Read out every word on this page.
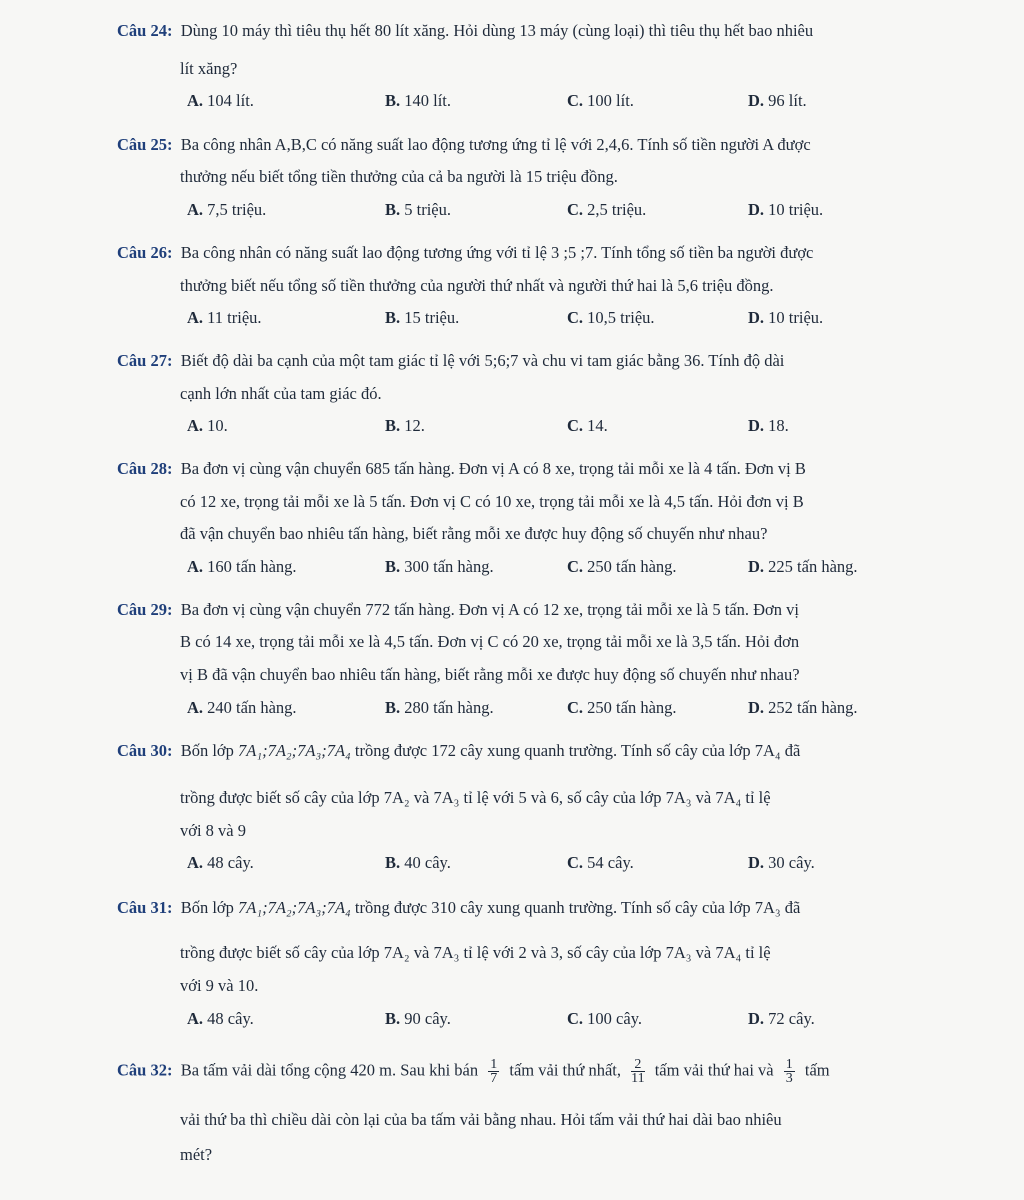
Câu 24: Dùng 10 máy thì tiêu thụ hết 80 lít xăng. Hỏi dùng 13 máy (cùng loại) thì tiêu thụ hết bao nhiêu
lít xăng?
A. 104 lít.	B. 140 lít.	C. 100 lít.	D. 96 lít.
Câu 25: Ba công nhân A,B,C có năng suất lao động tương ứng tỉ lệ với 2,4,6. Tính số tiền người A được
thưởng nếu biết tổng tiền thưởng của cả ba người là 15 triệu đồng.
A. 7,5 triệu.	B. 5 triệu.	C. 2,5 triệu.	D. 10 triệu.
Câu 26: Ba công nhân có năng suất lao động tương ứng với tỉ lệ 3 ;5 ;7. Tính tổng số tiền ba người được
thưởng biết nếu tổng số tiền thưởng của người thứ nhất và người thứ hai là 5,6 triệu đồng.
A. 11 triệu.	B. 15 triệu.	C. 10,5 triệu.	D. 10 triệu.
Câu 27: Biết độ dài ba cạnh của một tam giác tỉ lệ với 5;6;7 và chu vi tam giác bằng 36. Tính độ dài
cạnh lớn nhất của tam giác đó.
A. 10.	B. 12.	C. 14.	D. 18.
Câu 28: Ba đơn vị cùng vận chuyển 685 tấn hàng. Đơn vị A có 8 xe, trọng tải mỗi xe là 4 tấn. Đơn vị B
có 12 xe, trọng tải mỗi xe là 5 tấn. Đơn vị C có 10 xe, trọng tải mỗi xe là 4,5 tấn. Hỏi đơn vị B
đã vận chuyển bao nhiêu tấn hàng, biết rằng mỗi xe được huy động số chuyến như nhau?
A. 160 tấn hàng.	B. 300 tấn hàng.	C. 250 tấn hàng.	D. 225 tấn hàng.
Câu 29: Ba đơn vị cùng vận chuyển 772 tấn hàng. Đơn vị A có 12 xe, trọng tải mỗi xe là 5 tấn. Đơn vị
B có 14 xe, trọng tải mỗi xe là 4,5 tấn. Đơn vị C có 20 xe, trọng tải mỗi xe là 3,5 tấn. Hỏi đơn
vị B đã vận chuyển bao nhiêu tấn hàng, biết rằng mỗi xe được huy động số chuyến như nhau?
A. 240 tấn hàng.	B. 280 tấn hàng.	C. 250 tấn hàng.	D. 252 tấn hàng.
Câu 30: Bốn lớp 7A₁;7A₂;7A₃;7A₄ trồng được 172 cây xung quanh trường. Tính số cây của lớp 7A₄ đã
trồng được biết số cây của lớp 7A₂ và 7A₃ tỉ lệ với 5 và 6, số cây của lớp 7A₃ và 7A₄ tỉ lệ
với 8 và 9
A. 48 cây.	B. 40 cây.	C. 54 cây.	D. 30 cây.
Câu 31: Bốn lớp 7A₁;7A₂;7A₃;7A₄ trồng được 310 cây xung quanh trường. Tính số cây của lớp 7A₃ đã
trồng được biết số cây của lớp 7A₂ và 7A₃ tỉ lệ với 2 và 3, số cây của lớp 7A₃ và 7A₄ tỉ lệ
với 9 và 10.
A. 48 cây.	B. 90 cây.	C. 100 cây.	D. 72 cây.
Câu 32: Ba tấm vải dài tổng cộng 420 m. Sau khi bán $\frac{1}{7}$ tấm vải thứ nhất, $\frac{2}{11}$ tấm vải thứ hai và $\frac{1}{3}$ tấm
vải thứ ba thì chiều dài còn lại của ba tấm vải bằng nhau. Hỏi tấm vải thứ hai dài bao nhiêu
mét?
